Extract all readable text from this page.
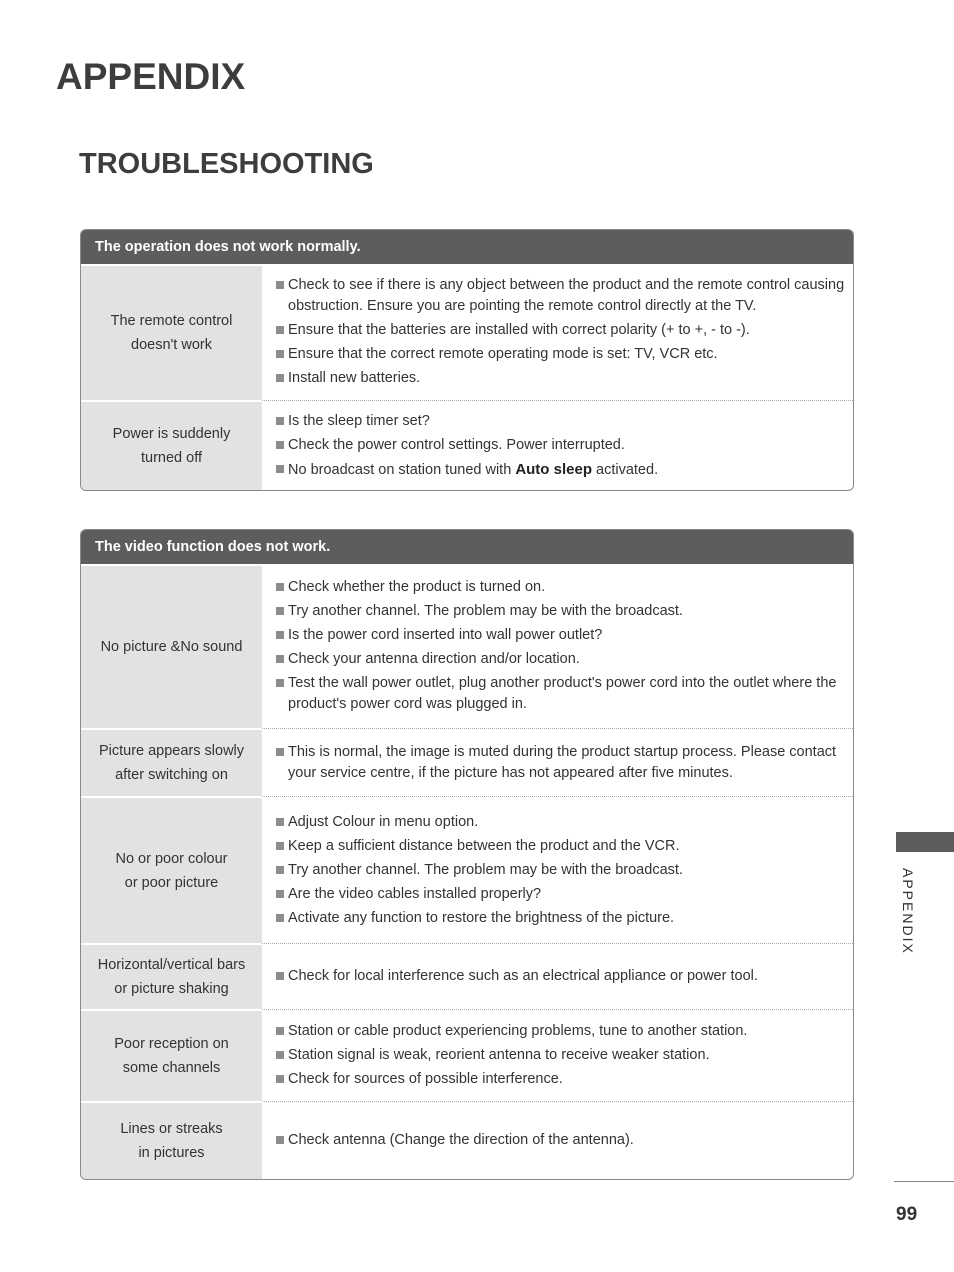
APPENDIX
TROUBLESHOOTING
The operation does not work normally.
The remote control
doesn't work
Check to see if there is any object between the product and the remote control causing obstruction. Ensure you are pointing the remote control directly at the TV.
Ensure that the batteries are installed with correct polarity (+ to +, - to -).
Ensure that the correct remote operating mode is set: TV, VCR etc.
Install new batteries.
Power is suddenly
turned off
Is the sleep timer set?
Check the power control settings. Power interrupted.
No broadcast on station tuned with Auto sleep activated.
The video function does not work.
No picture &No sound
Check whether the product is turned on.
Try another channel. The problem may be with the broadcast.
Is the power cord inserted into wall power outlet?
Check your antenna direction and/or location.
Test the wall power outlet, plug another product's power cord into the outlet where the product's power cord was plugged in.
Picture appears slowly
after switching on
This is normal, the image is muted during the product startup process. Please contact your service centre, if the picture has not appeared after five minutes.
No or poor colour
or poor picture
Adjust Colour in menu option.
Keep a sufficient distance between the product and the VCR.
Try another channel. The problem may be with the broadcast.
Are the video cables installed properly?
Activate any function to restore the brightness of the picture.
Horizontal/vertical bars
or picture shaking
Check for local interference such as an electrical appliance or power tool.
Poor reception on
some channels
Station or cable product experiencing problems, tune to another station.
Station signal is weak, reorient antenna to receive weaker station.
Check for sources of possible interference.
Lines or streaks
in pictures
Check antenna (Change the direction of the antenna).
APPENDIX
99
